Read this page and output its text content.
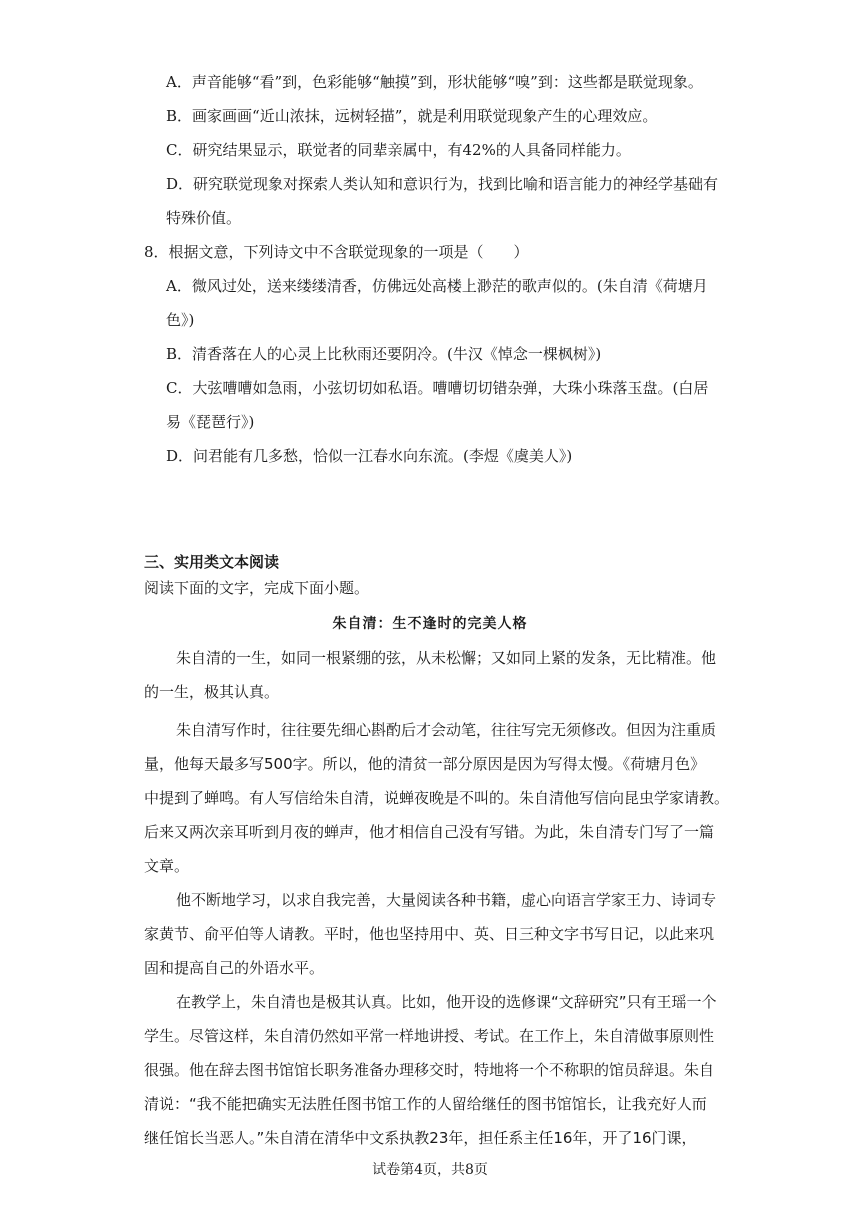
A．声音能够“看”到，色彩能够“触摸”到，形状能够“嗅”到：这些都是联觉现象。
B．画家画画“近山浓抹，远树轻描”，就是利用联觉现象产生的心理效应。
C．研究结果显示，联觉者的同辈亲属中，有42%的人具备同样能力。
D．研究联觉现象对探索人类认知和意识行为，找到比喻和语言能力的神经学基础有
特殊价值。
8．根据文意，下列诗文中不含联觉现象的一项是（　　）
A．微风过处，送来缕缕清香，仿佛远处高楼上渺茫的歌声似的。(朱自清《荷塘月
色》)
B．清香落在人的心灵上比秋雨还要阴冷。(牛汉《悼念一棵枫树》)
C．大弦嘈嘈如急雨，小弦切切如私语。嘈嘈切切错杂弹，大珠小珠落玉盘。(白居
易《琵琶行》)
D．问君能有几多愁，恰似一江春水向东流。(李煜《虞美人》)
三、实用类文本阅读
阅读下面的文字，完成下面小题。
朱自清：生不逢时的完美人格
朱自清的一生，如同一根紧绷的弦，从未松懈；又如同上紧的发条，无比精准。他
的一生，极其认真。
朱自清写作时，往往要先细心斟酌后才会动笔，往往写完无须修改。但因为注重质
量，他每天最多写500字。所以，他的清贫一部分原因是因为写得太慢。《荷塘月色》
中提到了蝉鸣。有人写信给朱自清，说蝉夜晚是不叫的。朱自清他写信向昆虫学家请教。
后来又两次亲耳听到月夜的蝉声，他才相信自己没有写错。为此，朱自清专门写了一篇
文章。
他不断地学习，以求自我完善，大量阅读各种书籍，虚心向语言学家王力、诗词专
家黄节、俞平伯等人请教。平时，他也坚持用中、英、日三种文字书写日记，以此来巩
固和提高自己的外语水平。
在教学上，朱自清也是极其认真。比如，他开设的选修课“文辞研究”只有王瑶一个
学生。尽管这样，朱自清仍然如平常一样地讲授、考试。在工作上，朱自清做事原则性
很强。他在辞去图书馆馆长职务准备办理移交时，特地将一个不称职的馆员辞退。朱自
清说：“我不能把确实无法胜任图书馆工作的人留给继任的图书馆馆长，让我充好人而
继任馆长当恶人。”朱自清在清华中文系执教23年，担任系主任16年，开了16门课，
试卷第4页，共8页
